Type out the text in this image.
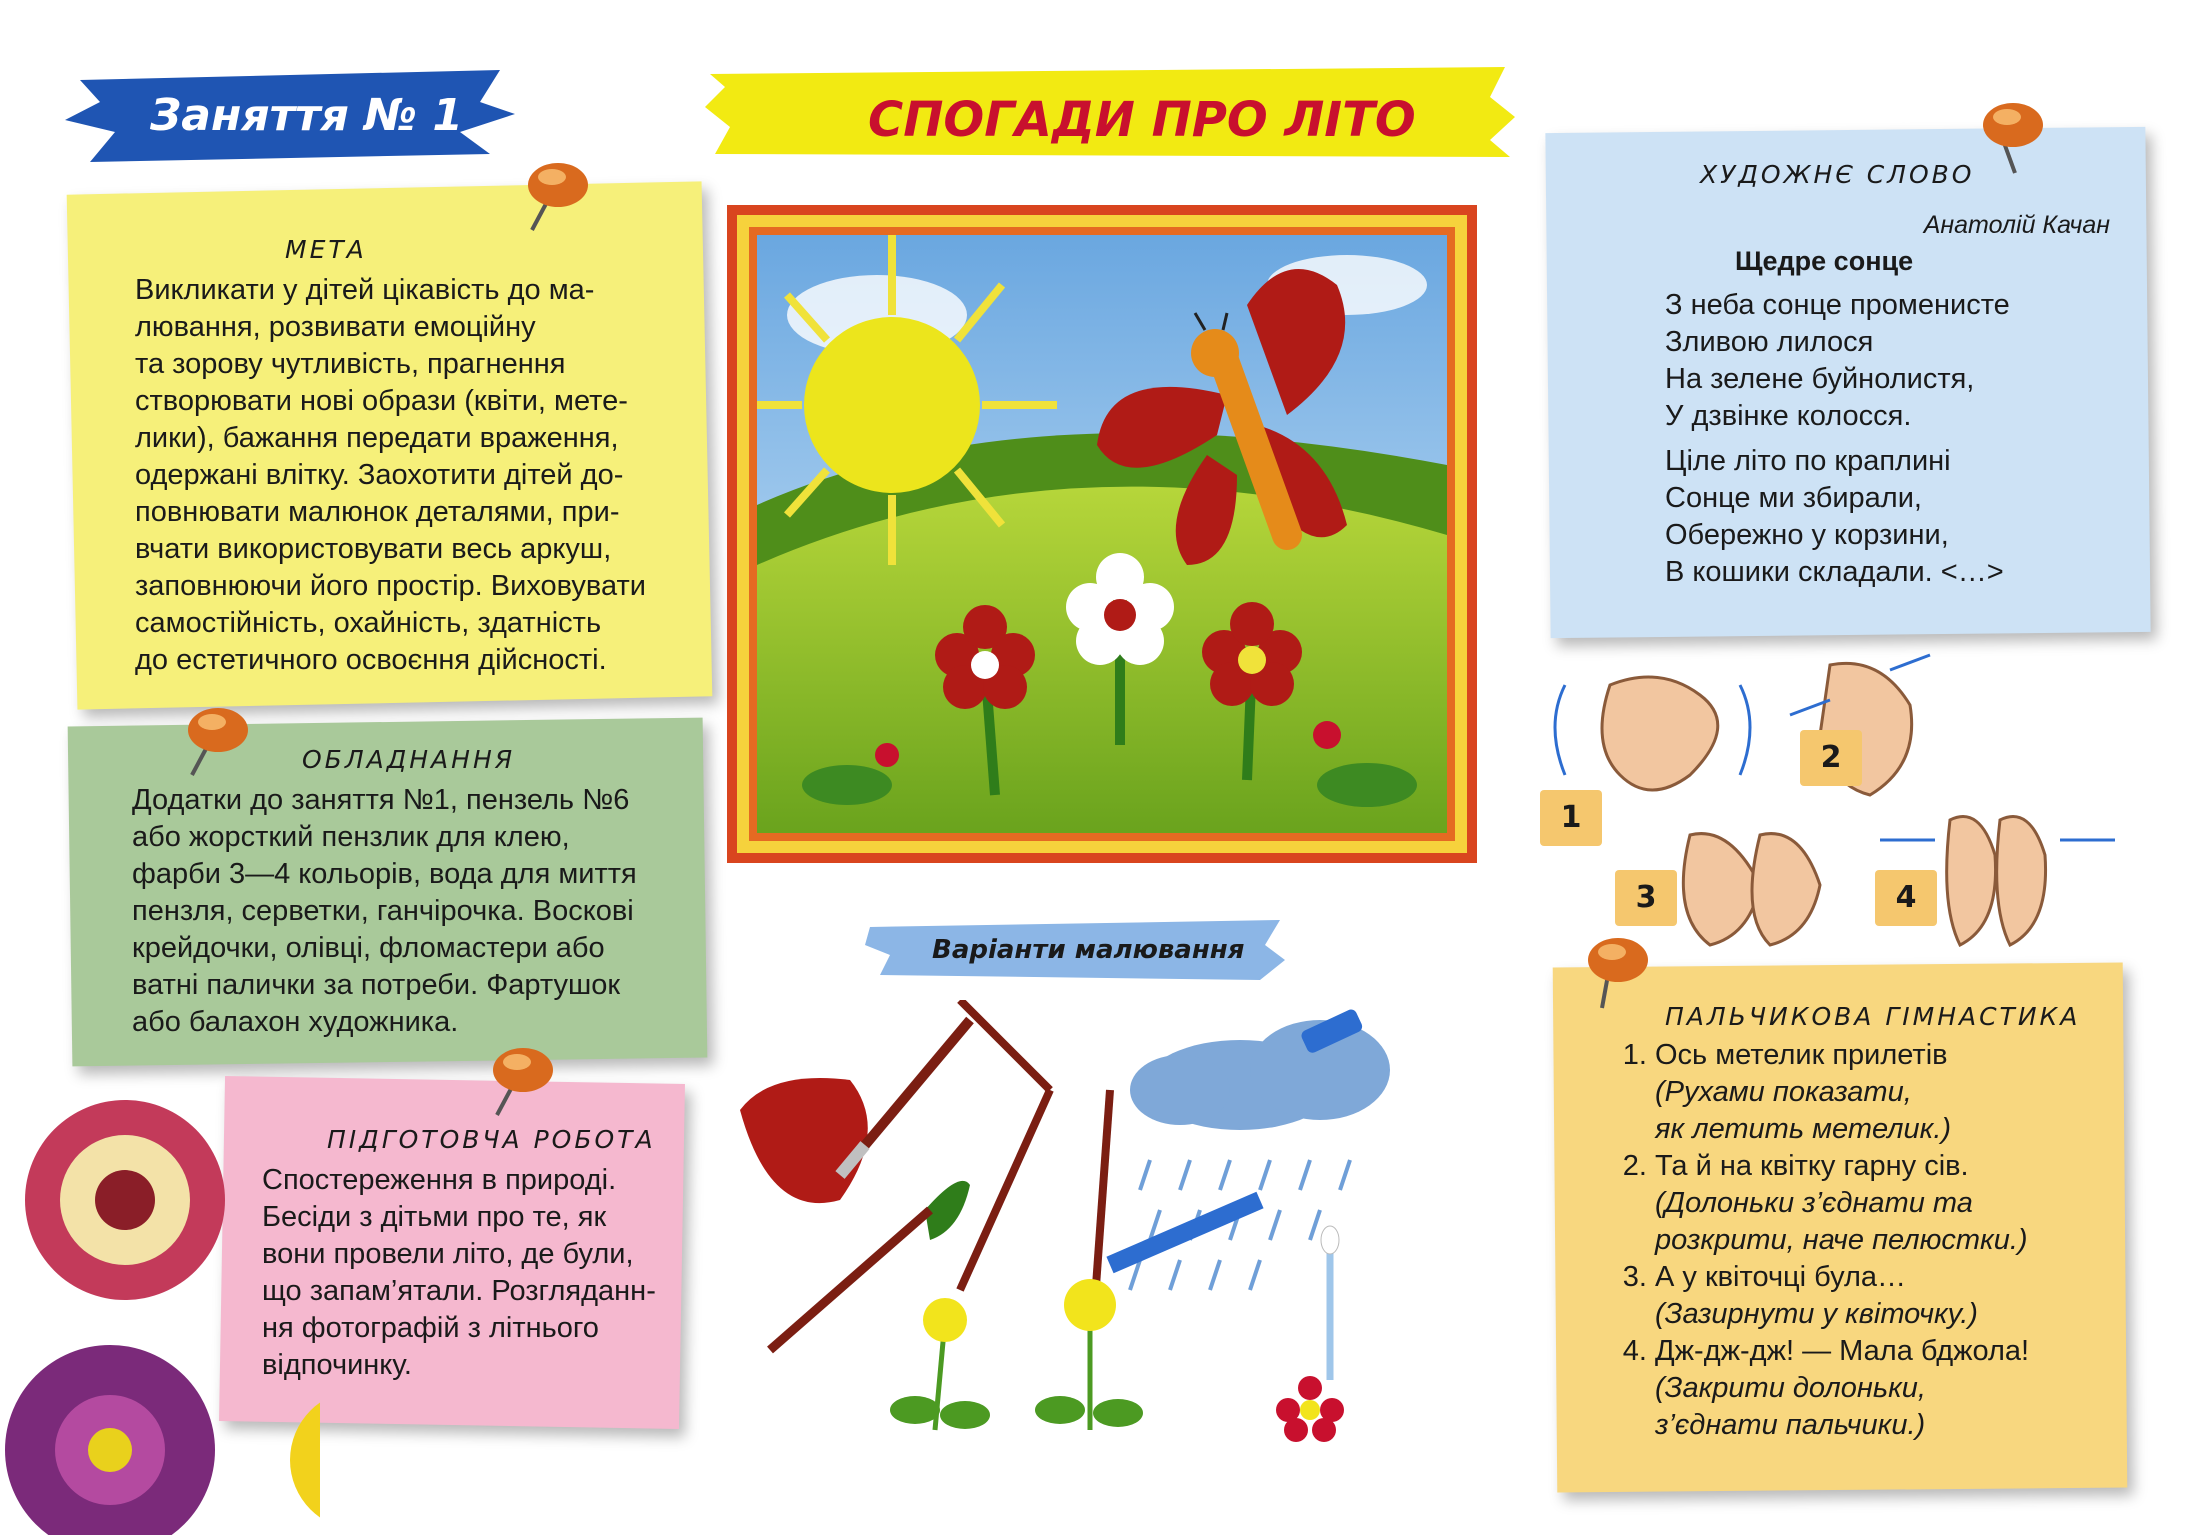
Заняття № 1	СПОГАДИ ПРО ЛІТО
МЕТА
Викликати у дітей цікавість до ма-
лювання, розвивати емоційну
та зорову чутливість, прагнення
створювати нові образи (квіти, мете-
лики), бажання передати враження,
одержані влітку. Заохотити дітей до-
повнювати малюнок деталями, при-
вчати використовувати весь аркуш,
заповнюючи його простір. Виховувати
самостійність, охайність, здатність
до естетичного освоєння дійсності.
ОБЛАДНАННЯ
Додатки до заняття №1, пензель №6
або жорсткий пензлик для клею,
фарби 3—4 кольорів, вода для миття
пензля, серветки, ганчірочка. Воскові
крейдочки, олівці, фломастери або
ватні палички за потреби. Фартушок
або балахон художника.
ПІДГОТОВЧА РОБОТА
Спостереження в природі.
Бесіди з дітьми про те, як
вони провели літо, де були,
що запам’ятали. Розгляданн-
ня фотографій з літнього
відпочинку.
ХУДОЖНЄ СЛОВО
Анатолій Качан
Щедре сонце
З неба сонце променисте
Зливою лилося
На зелене буйнолистя,
У дзвінке колосся.
Ціле літо по краплині
Сонце ми збирали,
Обережно у корзини,
В кошики складали. <…>
ПАЛЬЧИКОВА ГІМНАСТИКА
1. Ось метелик прилетів
(Рухами показати,
як летить метелик.)
2. Та й на квітку гарну сів.
(Долоньки з’єднати та
розкрити, наче пелюстки.)
3. А у квіточці була…
(Зазирнути у квіточку.)
4. Дж-дж-дж! — Мала бджола!
(Закрити долоньки,
з’єднати пальчики.)
Варіанти малювання
1
2
3	4
